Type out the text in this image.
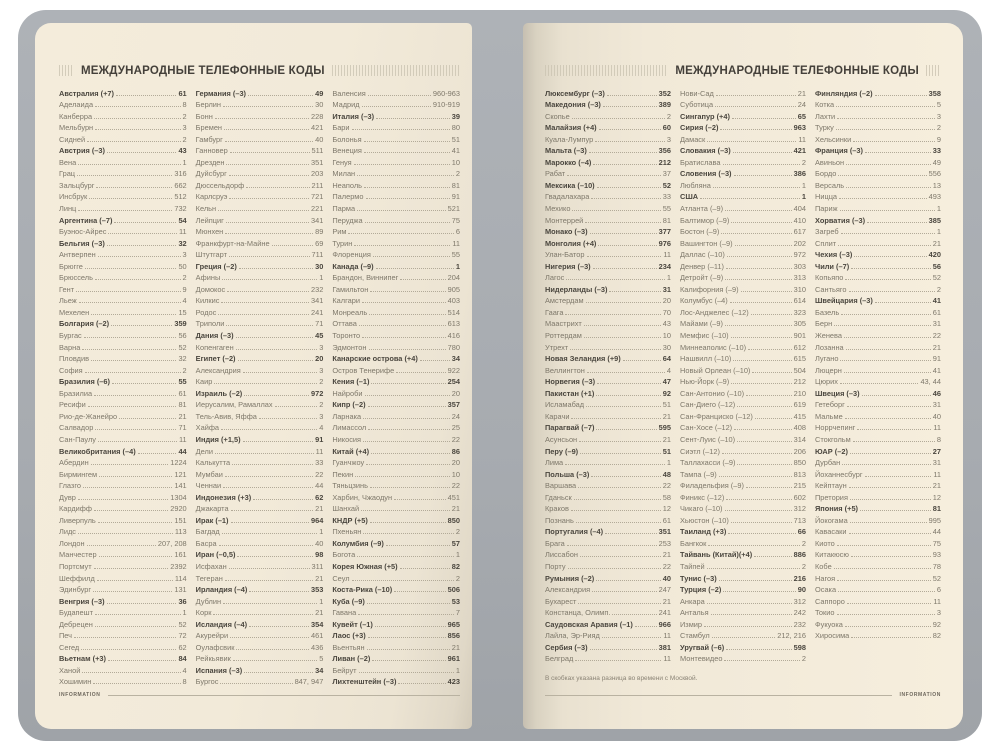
МЕЖДУНАРОДНЫЕ ТЕЛЕФОННЫЕ КОДЫ
Австралия (+7)	61
Аделаида	8
Канберра	2
Мельбурн	3
Сидней	2
Австрия (–3)	43
Вена	1
Грац	316
Зальцбург	662
Инсбрук	512
Линц	732
Аргентина (–7)	54
Буэнос-Айрес	11
Бельгия (–3)	32
Антверпен	3
Брюгге	50
Брюссель	2
Гент	9
Льеж	4
Мехелен	15
Болгария (–2)	359
Бургас	56
Варна	52
Пловдив	32
София	2
Бразилия (–6)	55
Бразилиа	61
Ресифи	81
Рио-де-Жанейро	21
Салвадор	71
Сан-Паулу	11
Великобритания (–4)	44
Абердин	1224
Бирмингем	121
Глазго	141
Дувр	1304
Кардифф	2920
Ливерпуль	151
Лидс	113
Лондон	207, 208
Манчестер	161
Портсмут	2392
Шеффилд	114
Эдинбург	131
Венгрия (–3)	36
Будапешт	1
Дебрецен	52
Печ	72
Сегед	62
Вьетнам (+3)	84
Ханой	4
Хошимин	8
Германия (–3)	49
Берлин	30
Бонн	228
Бремен	421
Гамбург	40
Ганновер	511
Дрезден	351
Дуйсбург	203
Дюссельдорф	211
Карлсруэ	721
Кельн	221
Лейпциг	341
Мюнхен	89
Франкфурт-на-Майне	69
Штутгарт	711
Греция (–2)	30
Афины	1
Домокос	232
Килкис	341
Родос	241
Триполи	71
Дания (–3)	45
Копенгаген	3
Египет (–2)	20
Александрия	3
Каир	2
Израиль (–2)	972
Иерусалим, Рамаллах	2
Тель-Авив, Яффа	3
Хайфа	4
Индия (+1,5)	91
Дели	11
Калькутта	33
Мумбаи	22
Ченнаи	44
Индонезия (+3)	62
Джакарта	21
Ирак (–1)	964
Багдад	1
Басра	40
Иран (–0,5)	98
Исфахан	311
Тегеран	21
Ирландия (–4)	353
Дублин	1
Корк	21
Исландия (–4)	354
Акурейри	461
Оулафсвик	436
Рейкьявик	5
Испания (–3)	34
Бургос	847, 947
Валенсия	960-963
Мадрид	910-919
Италия (–3)	39
Бари	80
Болонья	51
Венеция	41
Генуя	10
Милан	2
Неаполь	81
Палермо	91
Парма	521
Перуджа	75
Рим	6
Турин	11
Флоренция	55
Канада (–9)	1
Брандон, Виннипег	204
Гамильтон	905
Калгари	403
Монреаль	514
Оттава	613
Торонто	416
Эдмонтон	780
Канарские острова (+4)	34
Остров Тенерифе	922
Кения (–1)	254
Найроби	20
Кипр (–2)	357
Ларнака	24
Лимассол	25
Никосия	22
Китай (+4)	86
Гуанчжоу	20
Пекин	10
Тяньцзинь	22
Харбин, Чжаодун	451
Шанхай	21
КНДР (+5)	850
Пхеньян	2
Колумбия (–9)	57
Богота	1
Корея Южная (+5)	82
Сеул	2
Коста-Рика (–10)	506
Куба (–9)	53
Гавана	7
Кувейт (–1)	965
Лаос (+3)	856
Вьентьян	21
Ливан (–2)	961
Бейрут	1
Лихтенштейн (–3)	423
INFORMATION
МЕЖДУНАРОДНЫЕ ТЕЛЕФОННЫЕ КОДЫ
Люксембург (–3)	352
Македония (–3)	389
Скопье	2
Малайзия (+4)	60
Куала-Лумпур	3
Мальта (–3)	356
Марокко (–4)	212
Рабат	37
Мексика (–10)	52
Гвадалахара	33
Мехико	55
Монтеррей	81
Монако (–3)	377
Монголия (+4)	976
Улан-Батор	11
Нигерия (–3)	234
Лагос	1
Нидерланды (–3)	31
Амстердам	20
Гаага	70
Маастрихт	43
Роттердам	10
Утрехт	30
Новая Зеландия (+9)	64
Веллингтон	4
Норвегия (–3)	47
Пакистан (+1)	92
Исламабад	51
Карачи	21
Парагвай (–7)	595
Асунсьон	21
Перу (–9)	51
Лима	1
Польша (–3)	48
Варшава	22
Гданьск	58
Краков	12
Познань	61
Португалия (–4)	351
Брага	253
Лиссабон	21
Порту	22
Румыния (–2)	40
Александрия	247
Бухарест	21
Констанца, Олимп.	241
Саудовская Аравия (–1)	966
Лайла, Эр-Рияд	11
Сербия (–3)	381
Белград	11
Нови-Сад	21
Суботица	24
Сингапур (+4)	65
Сирия (–2)	963
Дамаск	11
Словакия (–3)	421
Братислава	2
Словения (–3)	386
Любляна	1
США	1
Атланта (–9)	404
Балтимор (–9)	410
Бостон (–9)	617
Вашингтон (–9)	202
Даллас (–10)	972
Денвер (–11)	303
Детройт (–9)	313
Калифорния (–9)	310
Колумбус (–4)	614
Лос-Анджелес (–12)	323
Майами (–9)	305
Мемфис (–10)	901
Миннеаполис (–10)	612
Нашвилл (–10)	615
Новый Орлеан (–10)	504
Нью-Йорк (–9)	212
Сан-Антонио (–10)	210
Сан-Диего (–12)	619
Сан-Франциско (–12)	415
Сан-Хосе (–12)	408
Сент-Луис (–10)	314
Сиэтл (–12)	206
Таллахасси (–9)	850
Тампа (–9)	813
Филадельфия (–9)	215
Финикс (–12)	602
Чикаго (–10)	312
Хьюстон (–10)	713
Таиланд (+3)	66
Бангкок	2
Тайвань (Китай)(+4)	886
Тайпей	2
Тунис (–3)	216
Турция (–2)	90
Анкара	312
Анталья	242
Измир	232
Стамбул	212, 216
Уругвай (–6)	598
Монтевидео	2
Финляндия (–2)	358
Котка	5
Лахти	3
Турку	2
Хельсинки	9
Франция (–3)	33
Авиньон	49
Бордо	556
Версаль	13
Ницца	493
Париж	1
Хорватия (–3)	385
Загреб	1
Сплит	21
Чехия (–3)	420
Чили (–7)	56
Копьяпо	52
Сантьяго	2
Швейцария (–3)	41
Базель	61
Берн	31
Женева	22
Лозанна	21
Лугано	91
Люцерн	41
Цюрих	43, 44
Швеция (–3)	46
Гетеборг	31
Мальме	40
Норрчепинг	11
Стокгольм	8
ЮАР (–2)	27
Дурбан	31
Йоханнесбург	11
Кейптаун	21
Претория	12
Япония (+5)	81
Йокогама	995
Кавасаки	44
Киото	75
Китакюсю	93
Кобе	78
Нагоя	52
Осака	6
Саппоро	11
Токио	3
Фукуока	92
Хиросима	82
В скобках указана разница во времени с Москвой.
INFORMATION
